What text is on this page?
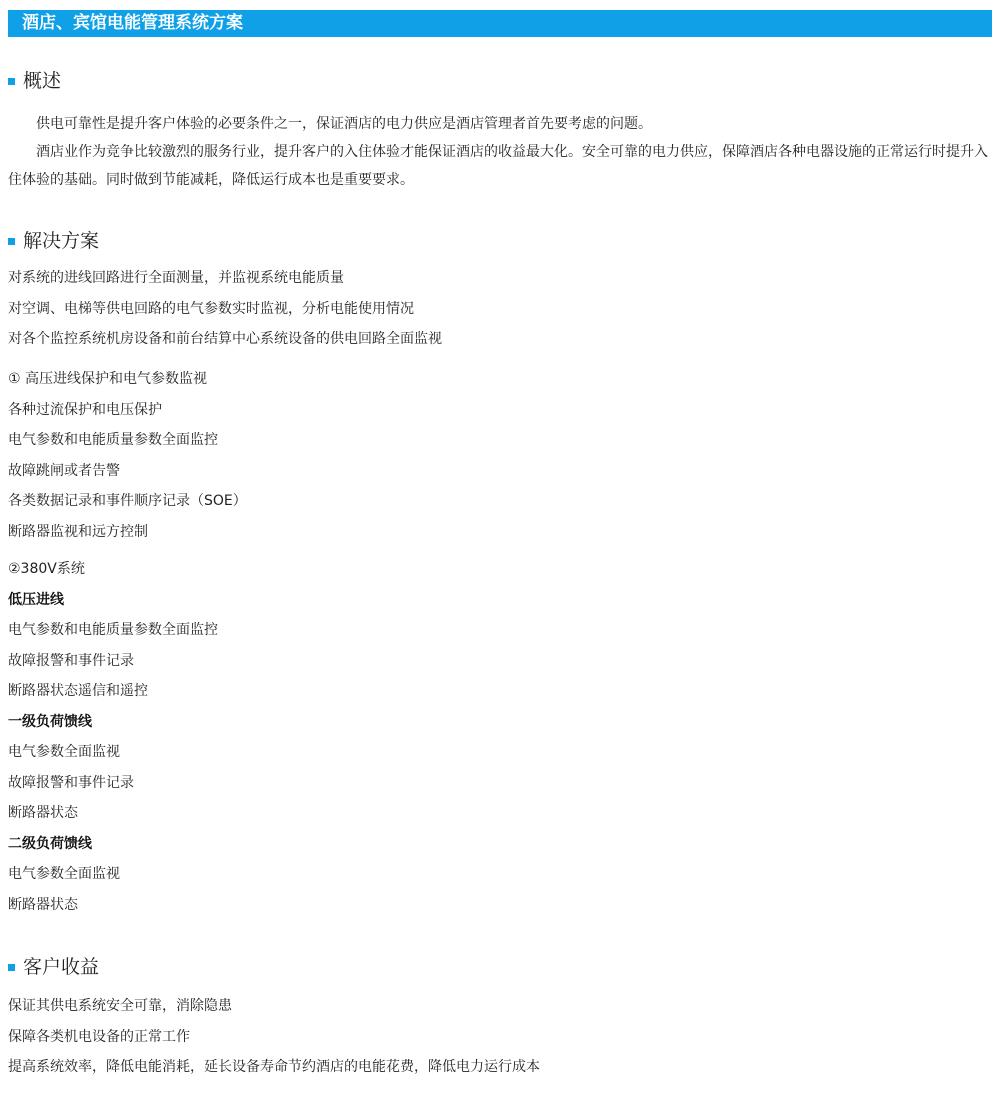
酒店、宾馆电能管理系统方案
概述

供电可靠性是提升客户体验的必要条件之一，保证酒店的电力供应是酒店管理者首先要考虑的问题。

酒店业作为竞争比较激烈的服务行业，提升客户的入住体验才能保证酒店的收益最大化。安全可靠的电力供应，保障酒店各种电器设施的正常运行时提升入住体验的基础。同时做到节能减耗，降低运行成本也是重要要求。

解决方案
对系统的进线回路进行全面测量，并监视系统电能质量
对空调、电梯等供电回路的电气参数实时监视，分析电能使用情况
对各个监控系统机房设备和前台结算中心系统设备的供电回路全面监视
① 高压进线保护和电气参数监视
各种过流保护和电压保护
电气参数和电能质量参数全面监控
故障跳闸或者告警
各类数据记录和事件顺序记录（SOE）
断路器监视和远方控制
②380V系统
低压进线
电气参数和电能质量参数全面监控
故障报警和事件记录
断路器状态遥信和遥控
一级负荷馈线
电气参数全面监视
故障报警和事件记录
断路器状态
二级负荷馈线
电气参数全面监视
断路器状态
客户收益
保证其供电系统安全可靠，消除隐患
保障各类机电设备的正常工作
提高系统效率，降低电能消耗，延长设备寿命节约酒店的电能花费，降低电力运行成本
